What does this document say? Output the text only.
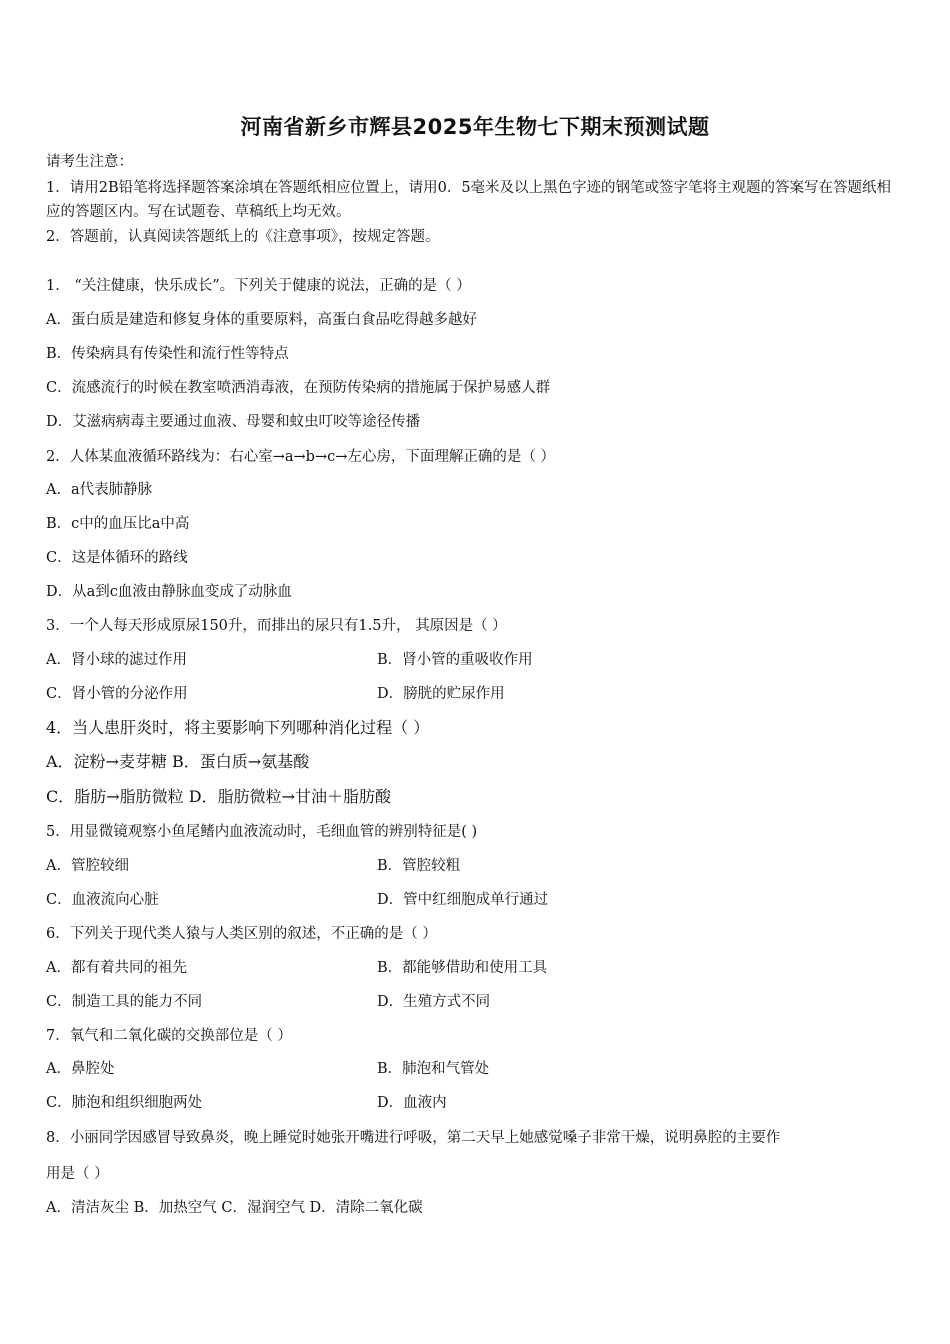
河南省新乡市辉县2025年生物七下期末预测试题
请考生注意：
1．请用2B铅笔将选择题答案涂填在答题纸相应位置上，请用0．5毫米及以上黑色字迹的钢笔或签字笔将主观题的答案写在答题纸相应的答题区内。写在试题卷、草稿纸上均无效。
2．答题前，认真阅读答题纸上的《注意事项》，按规定答题。
1． “关注健康，快乐成长”。下列关于健康的说法，正确的是（ ）
A．蛋白质是建造和修复身体的重要原料，高蛋白食品吃得越多越好
B．传染病具有传染性和流行性等特点
C．流感流行的时候在教室喷洒消毒液，在预防传染病的措施属于保护易感人群
D．艾滋病病毒主要通过血液、母婴和蚊虫叮咬等途径传播
2．人体某血液循环路线为：右心室→a→b→c→左心房，下面理解正确的是（ ）
A．a代表肺静脉
B．c中的血压比a中高
C．这是体循环的路线
D．从a到c血液由静脉血变成了动脉血
3．一个人每天形成原尿150升，而排出的尿只有1.5升， 其原因是（ ）
A．肾小球的滤过作用	B．肾小管的重吸收作用
C．肾小管的分泌作用	D．膀胱的贮尿作用
4．当人患肝炎时，将主要影响下列哪种消化过程（ ）
A．淀粉→麦芽糖 B．蛋白质→氨基酸
C．脂肪→脂肪微粒 D．脂肪微粒→甘油＋脂肪酸
5．用显微镜观察小鱼尾鳍内血液流动时，毛细血管的辨别特征是( )
A．管腔较细	B．管腔较粗
C．血液流向心脏	D．管中红细胞成单行通过
6．下列关于现代类人猿与人类区别的叙述，不正确的是（ ）
A．都有着共同的祖先	B．都能够借助和使用工具
C．制造工具的能力不同	D．生殖方式不同
7．氧气和二氧化碳的交换部位是（ ）
A．鼻腔处	B．肺泡和气管处
C．肺泡和组织细胞两处	D．血液内
8．小丽同学因感冒导致鼻炎，晚上睡觉时她张开嘴进行呼吸，第二天早上她感觉嗓子非常干燥，说明鼻腔的主要作
用是（ ）
A．清洁灰尘 B．加热空气 C．湿润空气 D．清除二氧化碳
